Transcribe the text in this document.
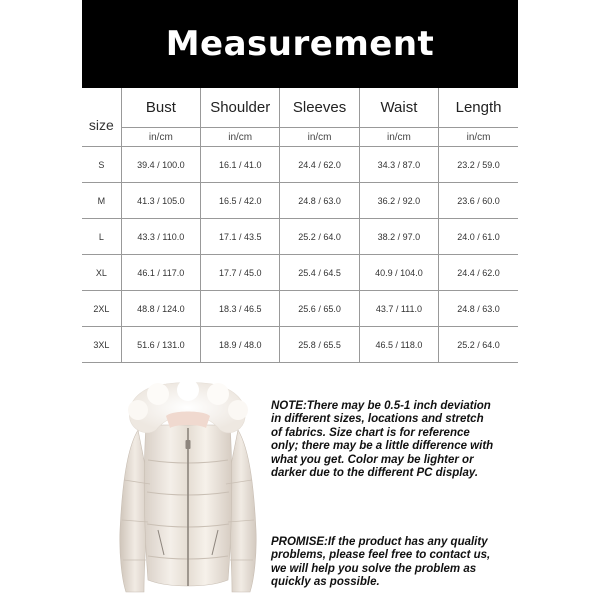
Measurement
size	Bust	Shoulder	Sleeves	Waist	Length
	in/cm	in/cm	in/cm	in/cm	in/cm
S	39.4 / 100.0	16.1 / 41.0	24.4 / 62.0	34.3 / 87.0	23.2 / 59.0
M	41.3 / 105.0	16.5 / 42.0	24.8 / 63.0	36.2 / 92.0	23.6 / 60.0
L	43.3 / 110.0	17.1 / 43.5	25.2 / 64.0	38.2 / 97.0	24.0 / 61.0
XL	46.1 / 117.0	17.7 / 45.0	25.4 / 64.5	40.9 / 104.0	24.4 / 62.0
2XL	48.8 / 124.0	18.3 / 46.5	25.6 / 65.0	43.7 / 111.0	24.8 / 63.0
3XL	51.6 / 131.0	18.9 / 48.0	25.8 / 65.5	46.5 / 118.0	25.2 / 64.0
NOTE:There may be 0.5-1 inch deviation in different sizes, locations and stretch of fabrics. Size chart is for reference only; there may be a little difference with what you get. Color may be lighter or darker due to the different PC display.
PROMISE:If the product has any quality problems, please feel free to contact us, we will help you solve the problem as quickly as possible.
